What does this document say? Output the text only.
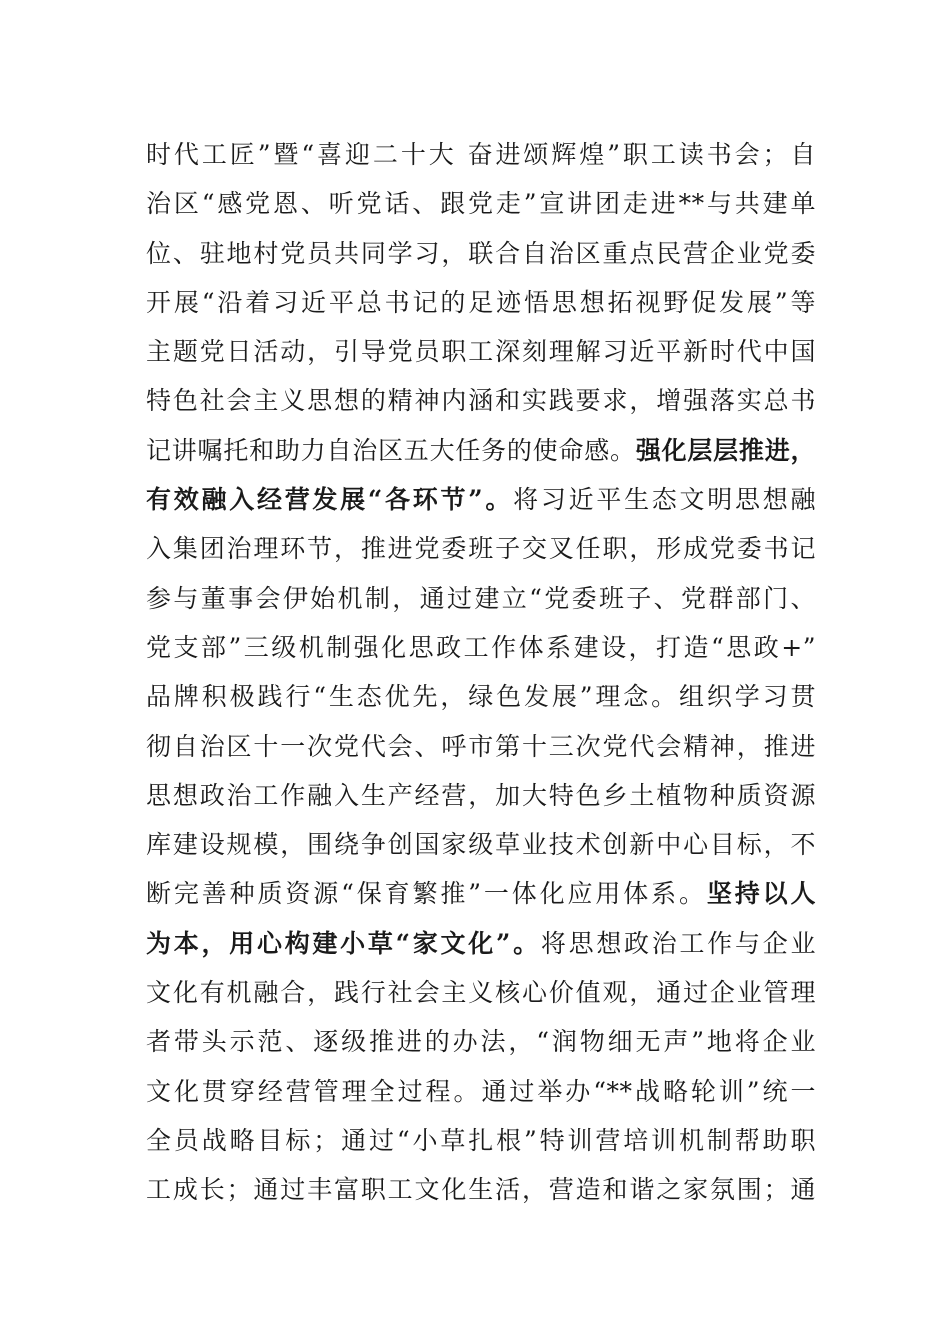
时代工匠”暨“喜迎二十大 奋进颂辉煌”职工读书会；自
治区“感党恩、听党话、跟党走”宣讲团走进**与共建单
位、驻地村党员共同学习，联合自治区重点民营企业党委
开展“沿着习近平总书记的足迹悟思想拓视野促发展”等
主题党日活动，引导党员职工深刻理解习近平新时代中国
特色社会主义思想的精神内涵和实践要求，增强落实总书
记讲嘱托和助力自治区五大任务的使命感。强化层层推进，
有效融入经营发展“各环节”。将习近平生态文明思想融
入集团治理环节，推进党委班子交叉任职，形成党委书记
参与董事会伊始机制，通过建立“党委班子、党群部门、
党支部”三级机制强化思政工作体系建设，打造“思政+”
品牌积极践行“生态优先，绿色发展”理念。组织学习贯
彻自治区十一次党代会、呼市第十三次党代会精神，推进
思想政治工作融入生产经营，加大特色乡土植物种质资源
库建设规模，围绕争创国家级草业技术创新中心目标，不
断完善种质资源“保育繁推”一体化应用体系。坚持以人
为本，用心构建小草“家文化”。将思想政治工作与企业
文化有机融合，践行社会主义核心价值观，通过企业管理
者带头示范、逐级推进的办法，“润物细无声”地将企业
文化贯穿经营管理全过程。通过举办“**战略轮训”统一
全员战略目标；通过“小草扎根”特训营培训机制帮助职
工成长；通过丰富职工文化生活，营造和谐之家氛围；通
